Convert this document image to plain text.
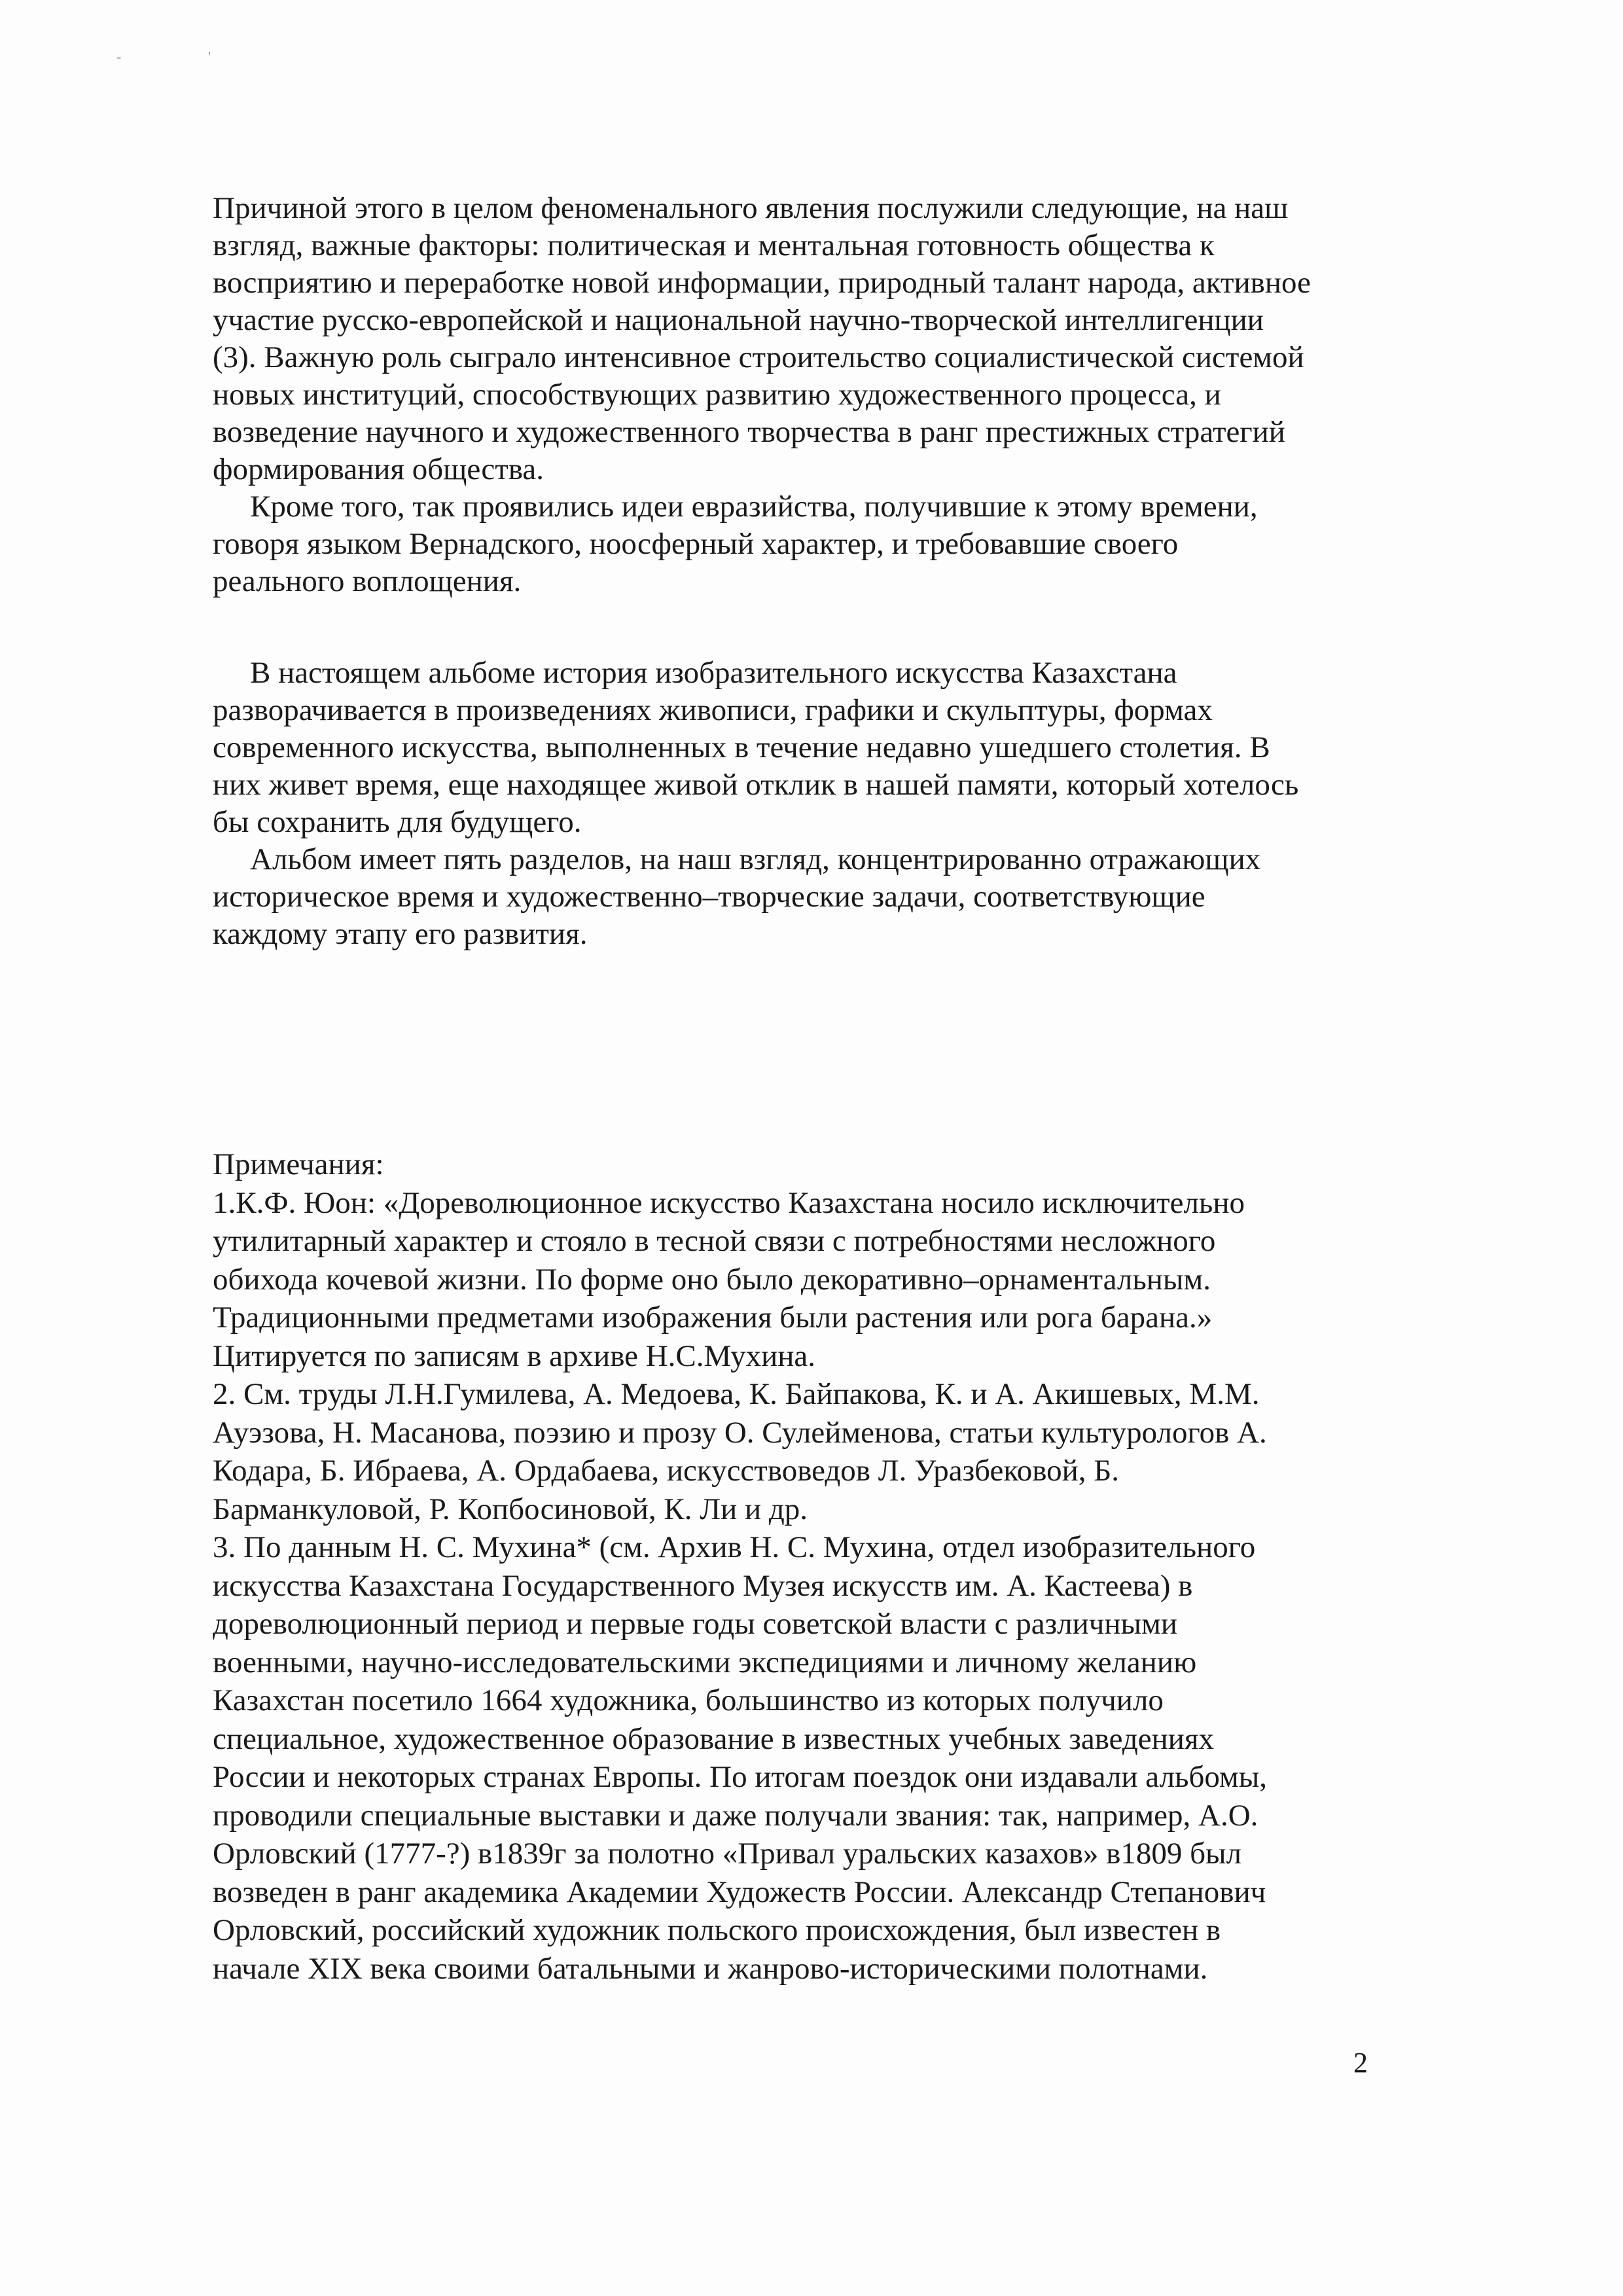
-	'

Причиной этого в целом феноменального явления послужили следующие, на наш

взгляд, важные факторы: политическая и ментальная готовность общества к

восприятию и переработке новой информации, природный талант народа, активное

участие русско-европейской и национальной научно-творческой интеллигенции

(3). Важную роль сыграло интенсивное строительство социалистической системой

новых институций, способствующих развитию художественного процесса, и

возведение научного и художественного творчества в ранг престижных стратегий

формирования общества.

Кроме того, так проявились идеи евразийства, получившие к этому времени,

говоря языком Вернадского, ноосферный характер, и требовавшие своего

реального воплощения.

В настоящем альбоме история изобразительного искусства Казахстана

разворачивается в произведениях живописи, графики и скульптуры, формах

современного искусства, выполненных в течение недавно ушедшего столетия. В

них живет время, еще находящее живой отклик в нашей памяти, который хотелось

бы сохранить для будущего.

Альбом имеет пять разделов, на наш взгляд, концентрированно отражающих

историческое время и художественно–творческие задачи, соответствующие

каждому этапу его развития.

Примечания:

1.К.Ф. Юон: «Дореволюционное искусство Казахстана носило исключительно

утилитарный характер и стояло в тесной связи с потребностями несложного

обихода кочевой жизни. По форме оно было декоративно–орнаментальным.

Традиционными предметами изображения были растения или рога барана.»

Цитируется по записям в архиве Н.С.Мухина.

2. См. труды Л.Н.Гумилева, А. Медоева, К. Байпакова, К. и А. Акишевых, М.М.

Ауэзова, Н. Масанова, поэзию и прозу О. Сулейменова, статьи культурологов А.

Кодара, Б. Ибраева, А. Ордабаева, искусствоведов Л. Уразбековой, Б.

Барманкуловой, Р. Копбосиновой, К. Ли и др.

3. По данным Н. С. Мухина* (см. Архив Н. С. Мухина, отдел изобразительного

искусства Казахстана Государственного Музея искусств им. А. Кастеева) в

дореволюционный период и первые годы советской власти с различными

военными, научно-исследовательскими экспедициями и личному желанию

Казахстан посетило 1664 художника, большинство из которых получило

специальное, художественное образование в известных учебных заведениях

России и некоторых странах Европы. По итогам поездок они издавали альбомы,

проводили специальные выставки и даже получали звания: так, например, А.О.

Орловский (1777-?) в1839г за полотно «Привал уральских казахов» в1809 был

возведен в ранг академика Академии Художеств России. Александр Степанович

Орловский, российский художник польского происхождения, был известен в

начале XIX века своими батальными и жанрово-историческими полотнами.

2
